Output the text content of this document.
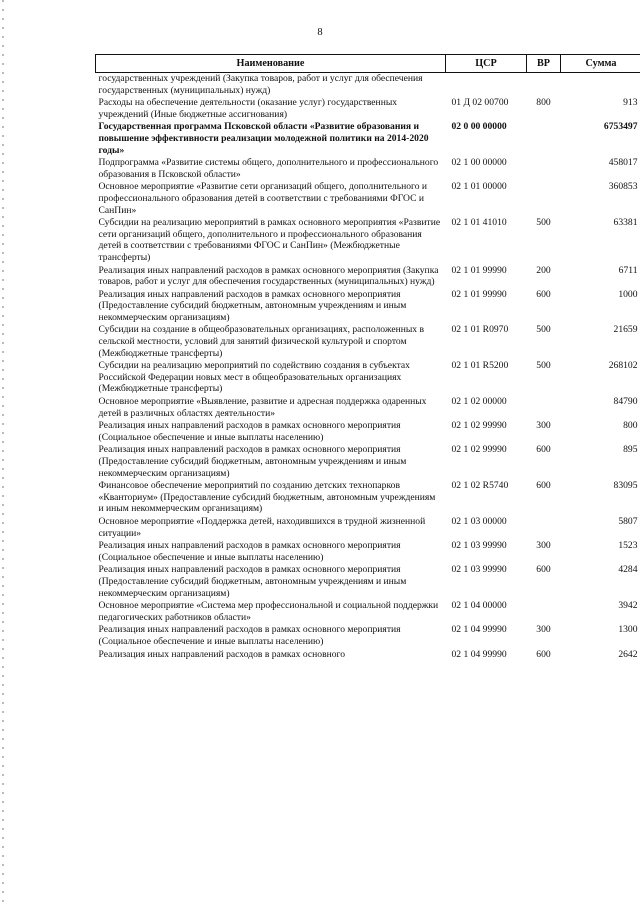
8
Наименование	ЦСР	ВР	Сумма
государственных учреждений (Закупка товаров, работ и услуг для обеспечения государственных (муниципальных) нужд)			
Расходы на обеспечение деятельности (оказание услуг) государственных учреждений (Иные бюджетные ассигнования)	01 Д 02 00700	800	913
Государственная программа Псковской области «Развитие образования и повышение эффективности реализации молодежной политики на 2014-2020 годы»	02 0 00 00000		6753497
Подпрограмма «Развитие системы общего, дополнительного и профессионального образования в Псковской области»	02 1 00 00000		458017
Основное мероприятие «Развитие сети организаций общего, дополнительного и профессионального образования детей в соответствии с требованиями ФГОС и СанПин»	02 1 01 00000		360853
Субсидии на реализацию мероприятий в рамках основного мероприятия «Развитие сети организаций общего, дополнительного и профессионального образования детей в соответствии с требованиями ФГОС и СанПин» (Межбюджетные трансферты)	02 1 01 41010	500	63381
Реализация иных направлений расходов в рамках основного мероприятия (Закупка товаров, работ и услуг для обеспечения государственных (муниципальных) нужд)	02 1 01 99990	200	6711
Реализация иных направлений расходов в рамках основного мероприятия (Предоставление субсидий бюджетным, автономным учреждениям и иным некоммерческим организациям)	02 1 01 99990	600	1000
Субсидии на создание в общеобразовательных организациях, расположенных в сельской местности, условий для занятий физической культурой и спортом (Межбюджетные трансферты)	02 1 01 R0970	500	21659
Субсидии на реализацию мероприятий по содействию создания в субъектах Российской Федерации новых мест в общеобразовательных организациях (Межбюджетные трансферты)	02 1 01 R5200	500	268102
Основное мероприятие «Выявление, развитие и адресная поддержка одаренных детей в различных областях деятельности»	02 1 02 00000		84790
Реализация иных направлений расходов в рамках основного мероприятия (Социальное обеспечение и иные выплаты населению)	02 1 02 99990	300	800
Реализация иных направлений расходов в рамках основного мероприятия (Предоставление субсидий бюджетным, автономным учреждениям и иным некоммерческим организациям)	02 1 02 99990	600	895
Финансовое обеспечение мероприятий по созданию детских технопарков «Кванториум» (Предоставление субсидий бюджетным, автономным учреждениям и иным некоммерческим организациям)	02 1 02 R5740	600	83095
Основное мероприятие «Поддержка детей, находившихся в трудной жизненной ситуации»	02 1 03 00000		5807
Реализация иных направлений расходов в рамках основного мероприятия (Социальное обеспечение и иные выплаты населению)	02 1 03 99990	300	1523
Реализация иных направлений расходов в рамках основного мероприятия (Предоставление субсидий бюджетным, автономным учреждениям и иным некоммерческим организациям)	02 1 03 99990	600	4284
Основное мероприятие «Система мер профессиональной и социальной поддержки педагогических работников области»	02 1 04 00000		3942
Реализация иных направлений расходов в рамках основного мероприятия (Социальное обеспечение и иные выплаты населению)	02 1 04 99990	300	1300
Реализация иных направлений расходов в рамках основного	02 1 04 99990	600	2642
